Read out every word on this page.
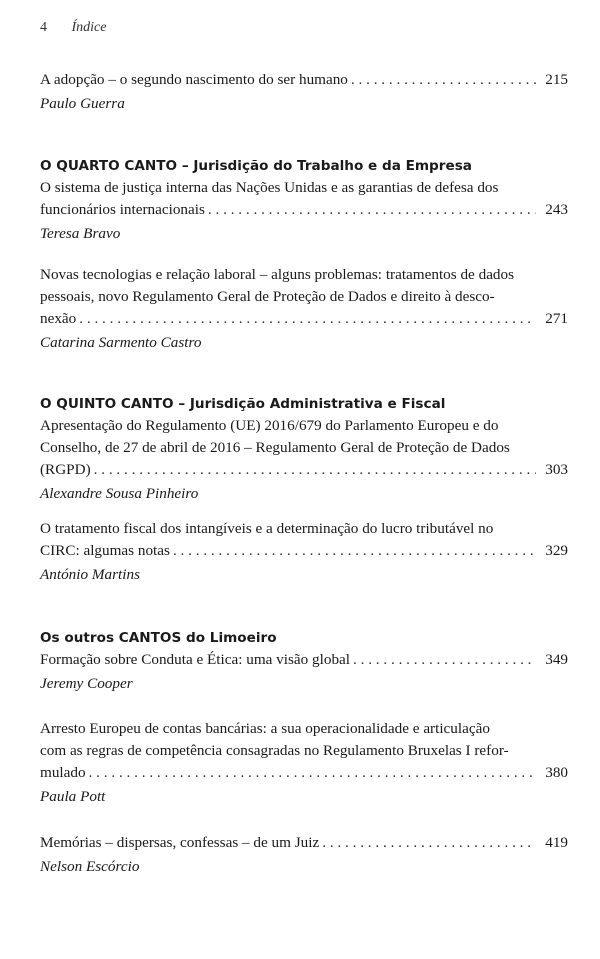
4 Índice
A adopção – o segundo nascimento do ser humano . . .	215
Paulo Guerra
O QUARTO CANTO – Jurisdição do Trabalho e da Empresa
O sistema de justiça interna das Nações Unidas e as garantias de defesa dos
funcionários internacionais . . .	243
Teresa Bravo
Novas tecnologias e relação laboral – alguns problemas: tratamentos de dados
pessoais, novo Regulamento Geral de Proteção de Dados e direito à desco-
nexão . . .	271
Catarina Sarmento Castro
O QUINTO CANTO – Jurisdição Administrativa e Fiscal
Apresentação do Regulamento (UE) 2016/679 do Parlamento Europeu e do
Conselho, de 27 de abril de 2016 – Regulamento Geral de Proteção de Dados
(RGPD) . . .	303
Alexandre Sousa Pinheiro
O tratamento fiscal dos intangíveis e a determinação do lucro tributável no
CIRC: algumas notas . . .	329
António Martins
Os outros CANTOS do Limoeiro
Formação sobre Conduta e Ética: uma visão global . . .	349
Jeremy Cooper
Arresto Europeu de contas bancárias: a sua operacionalidade e articulação
com as regras de competência consagradas no Regulamento Bruxelas I refor-
mulado . . .	380
Paula Pott
Memórias – dispersas, confessas – de um Juiz . . .	419
Nelson Escórcio
